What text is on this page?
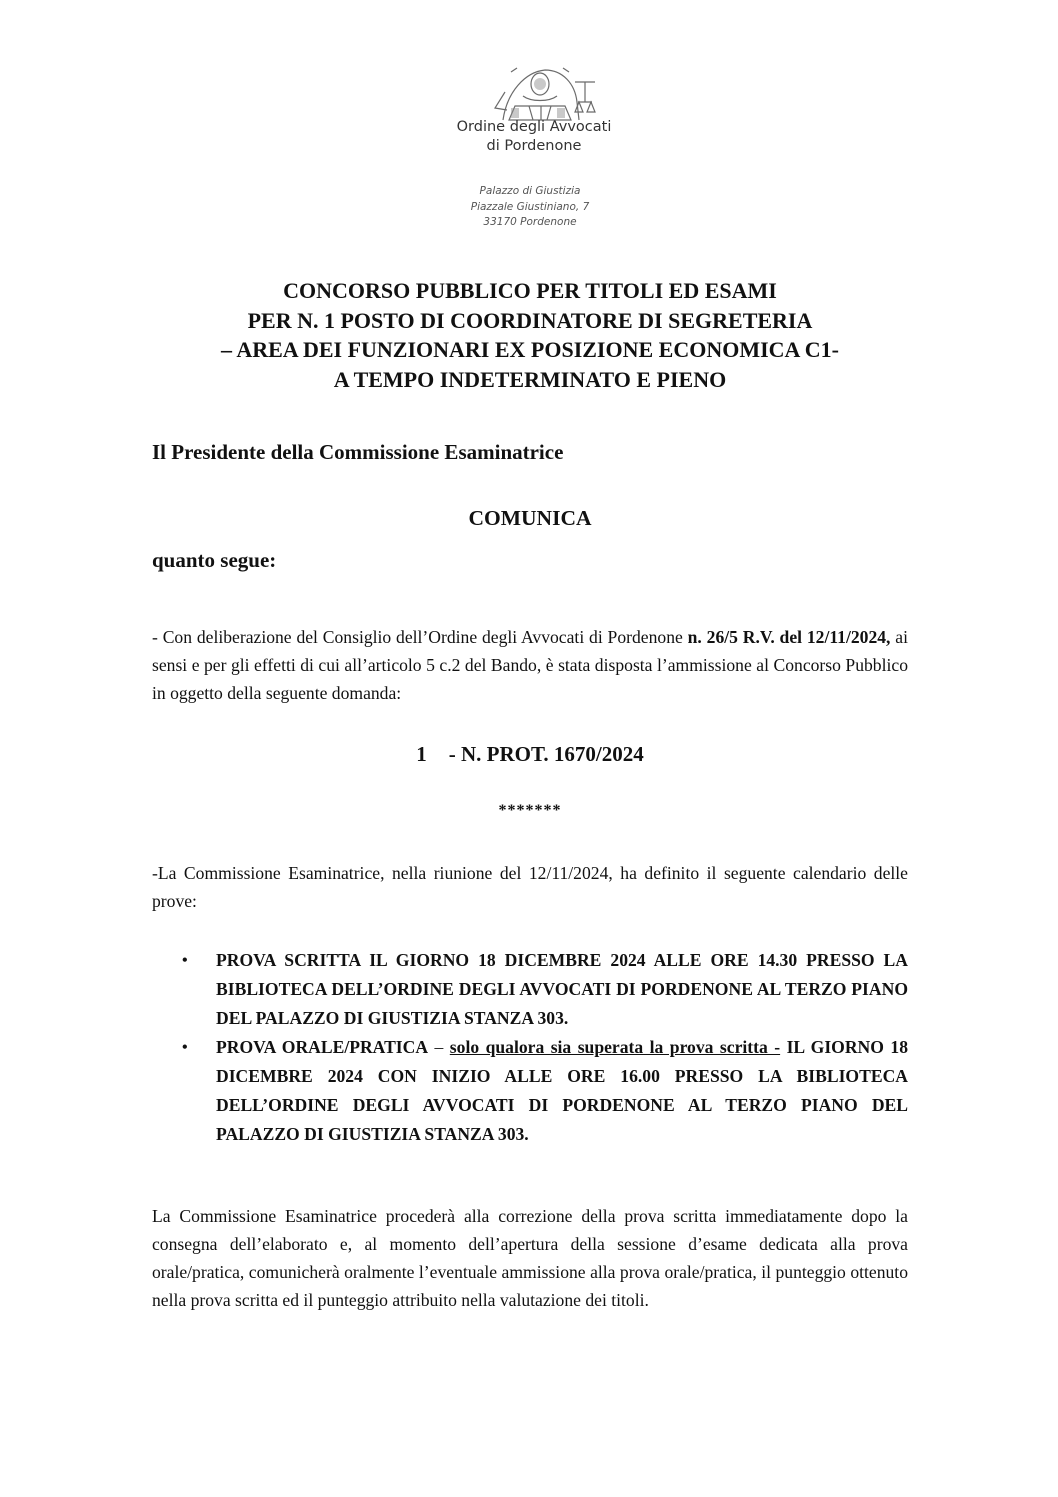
Ordine degli Avvocati
di Pordenone
Palazzo di Giustizia
Piazzale Giustiniano, 7
33170 Pordenone
CONCORSO PUBBLICO PER TITOLI ED ESAMI
PER N. 1 POSTO DI COORDINATORE DI SEGRETERIA
– AREA DEI FUNZIONARI EX POSIZIONE ECONOMICA C1-
A TEMPO INDETERMINATO E PIENO
Il Presidente della Commissione Esaminatrice
COMUNICA
quanto segue:
- Con deliberazione del Consiglio dell’Ordine degli Avvocati di Pordenone n. 26/5 R.V. del 12/11/2024, ai sensi e per gli effetti di cui all’articolo 5 c.2 del Bando, è stata disposta l’ammissione al Concorso Pubblico in oggetto della seguente domanda:
1 - N. PROT. 1670/2024
*******
-La Commissione Esaminatrice, nella riunione del 12/11/2024, ha definito il seguente calendario delle prove:
• PROVA SCRITTA IL GIORNO 18 DICEMBRE 2024 ALLE ORE 14.30 PRESSO LA BIBLIOTECA DELL’ORDINE DEGLI AVVOCATI DI PORDENONE AL TERZO PIANO DEL PALAZZO DI GIUSTIZIA STANZA 303.
• PROVA ORALE/PRATICA – solo qualora sia superata la prova scritta - IL GIORNO 18 DICEMBRE 2024 CON INIZIO ALLE ORE 16.00 PRESSO LA BIBLIOTECA DELL’ORDINE DEGLI AVVOCATI DI PORDENONE AL TERZO PIANO DEL PALAZZO DI GIUSTIZIA STANZA 303.
La Commissione Esaminatrice procederà alla correzione della prova scritta immediatamente dopo la consegna dell’elaborato e, al momento dell’apertura della sessione d’esame dedicata alla prova orale/pratica, comunicherà oralmente l’eventuale ammissione alla prova orale/pratica, il punteggio ottenuto nella prova scritta ed il punteggio attribuito nella valutazione dei titoli.
